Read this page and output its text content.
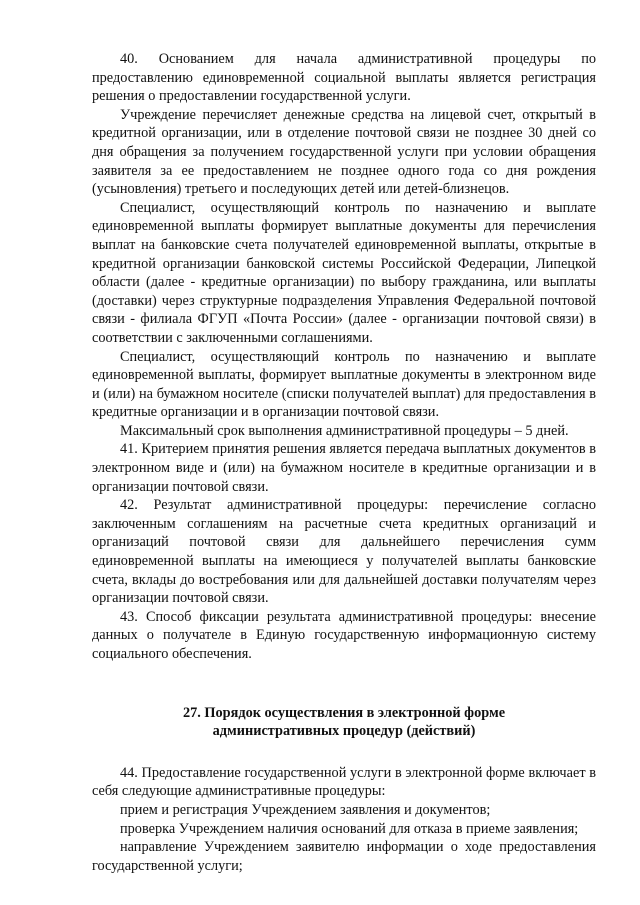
40. Основанием для начала административной процедуры по предоставлению единовременной социальной выплаты является регистрация решения о предоставлении государственной услуги.

Учреждение перечисляет денежные средства на лицевой счет, открытый в кредитной организации, или в отделение почтовой связи не позднее 30 дней со дня обращения за получением государственной услуги при условии обращения заявителя за ее предоставлением не позднее одного года со дня рождения (усыновления) третьего и последующих детей или детей-близнецов.

Специалист, осуществляющий контроль по назначению и выплате единовременной выплаты формирует выплатные документы для перечисления выплат на банковские счета получателей единовременной выплаты, открытые в кредитной организации банковской системы Российской Федерации, Липецкой области (далее - кредитные организации) по выбору гражданина, или выплаты (доставки) через структурные подразделения Управления Федеральной почтовой связи - филиала ФГУП «Почта России» (далее - организации почтовой связи) в соответствии с заключенными соглашениями.

Специалист, осуществляющий контроль по назначению и выплате единовременной выплаты, формирует выплатные документы в электронном виде и (или) на бумажном носителе (списки получателей выплат) для предоставления в кредитные организации и в организации почтовой связи.

Максимальный срок выполнения административной процедуры – 5 дней.

41. Критерием принятия решения является передача выплатных документов в электронном виде и (или) на бумажном носителе в кредитные организации и в организации почтовой связи.

42. Результат административной процедуры: перечисление согласно заключенным соглашениям на расчетные счета кредитных организаций и организаций почтовой связи для дальнейшего перечисления сумм единовременной выплаты на имеющиеся у получателей выплаты банковские счета, вклады до востребования или для дальнейшей доставки получателям через организации почтовой связи.

43. Способ фиксации результата административной процедуры: внесение данных о получателе в Единую государственную информационную систему социального обеспечения.

27. Порядок осуществления в электронной форме
административных процедур (действий)

44. Предоставление государственной услуги в электронной форме включает в себя следующие административные процедуры:

прием и регистрация Учреждением заявления и документов;

проверка Учреждением наличия оснований для отказа в приеме заявления;

направление Учреждением заявителю информации о ходе предоставления государственной услуги;
